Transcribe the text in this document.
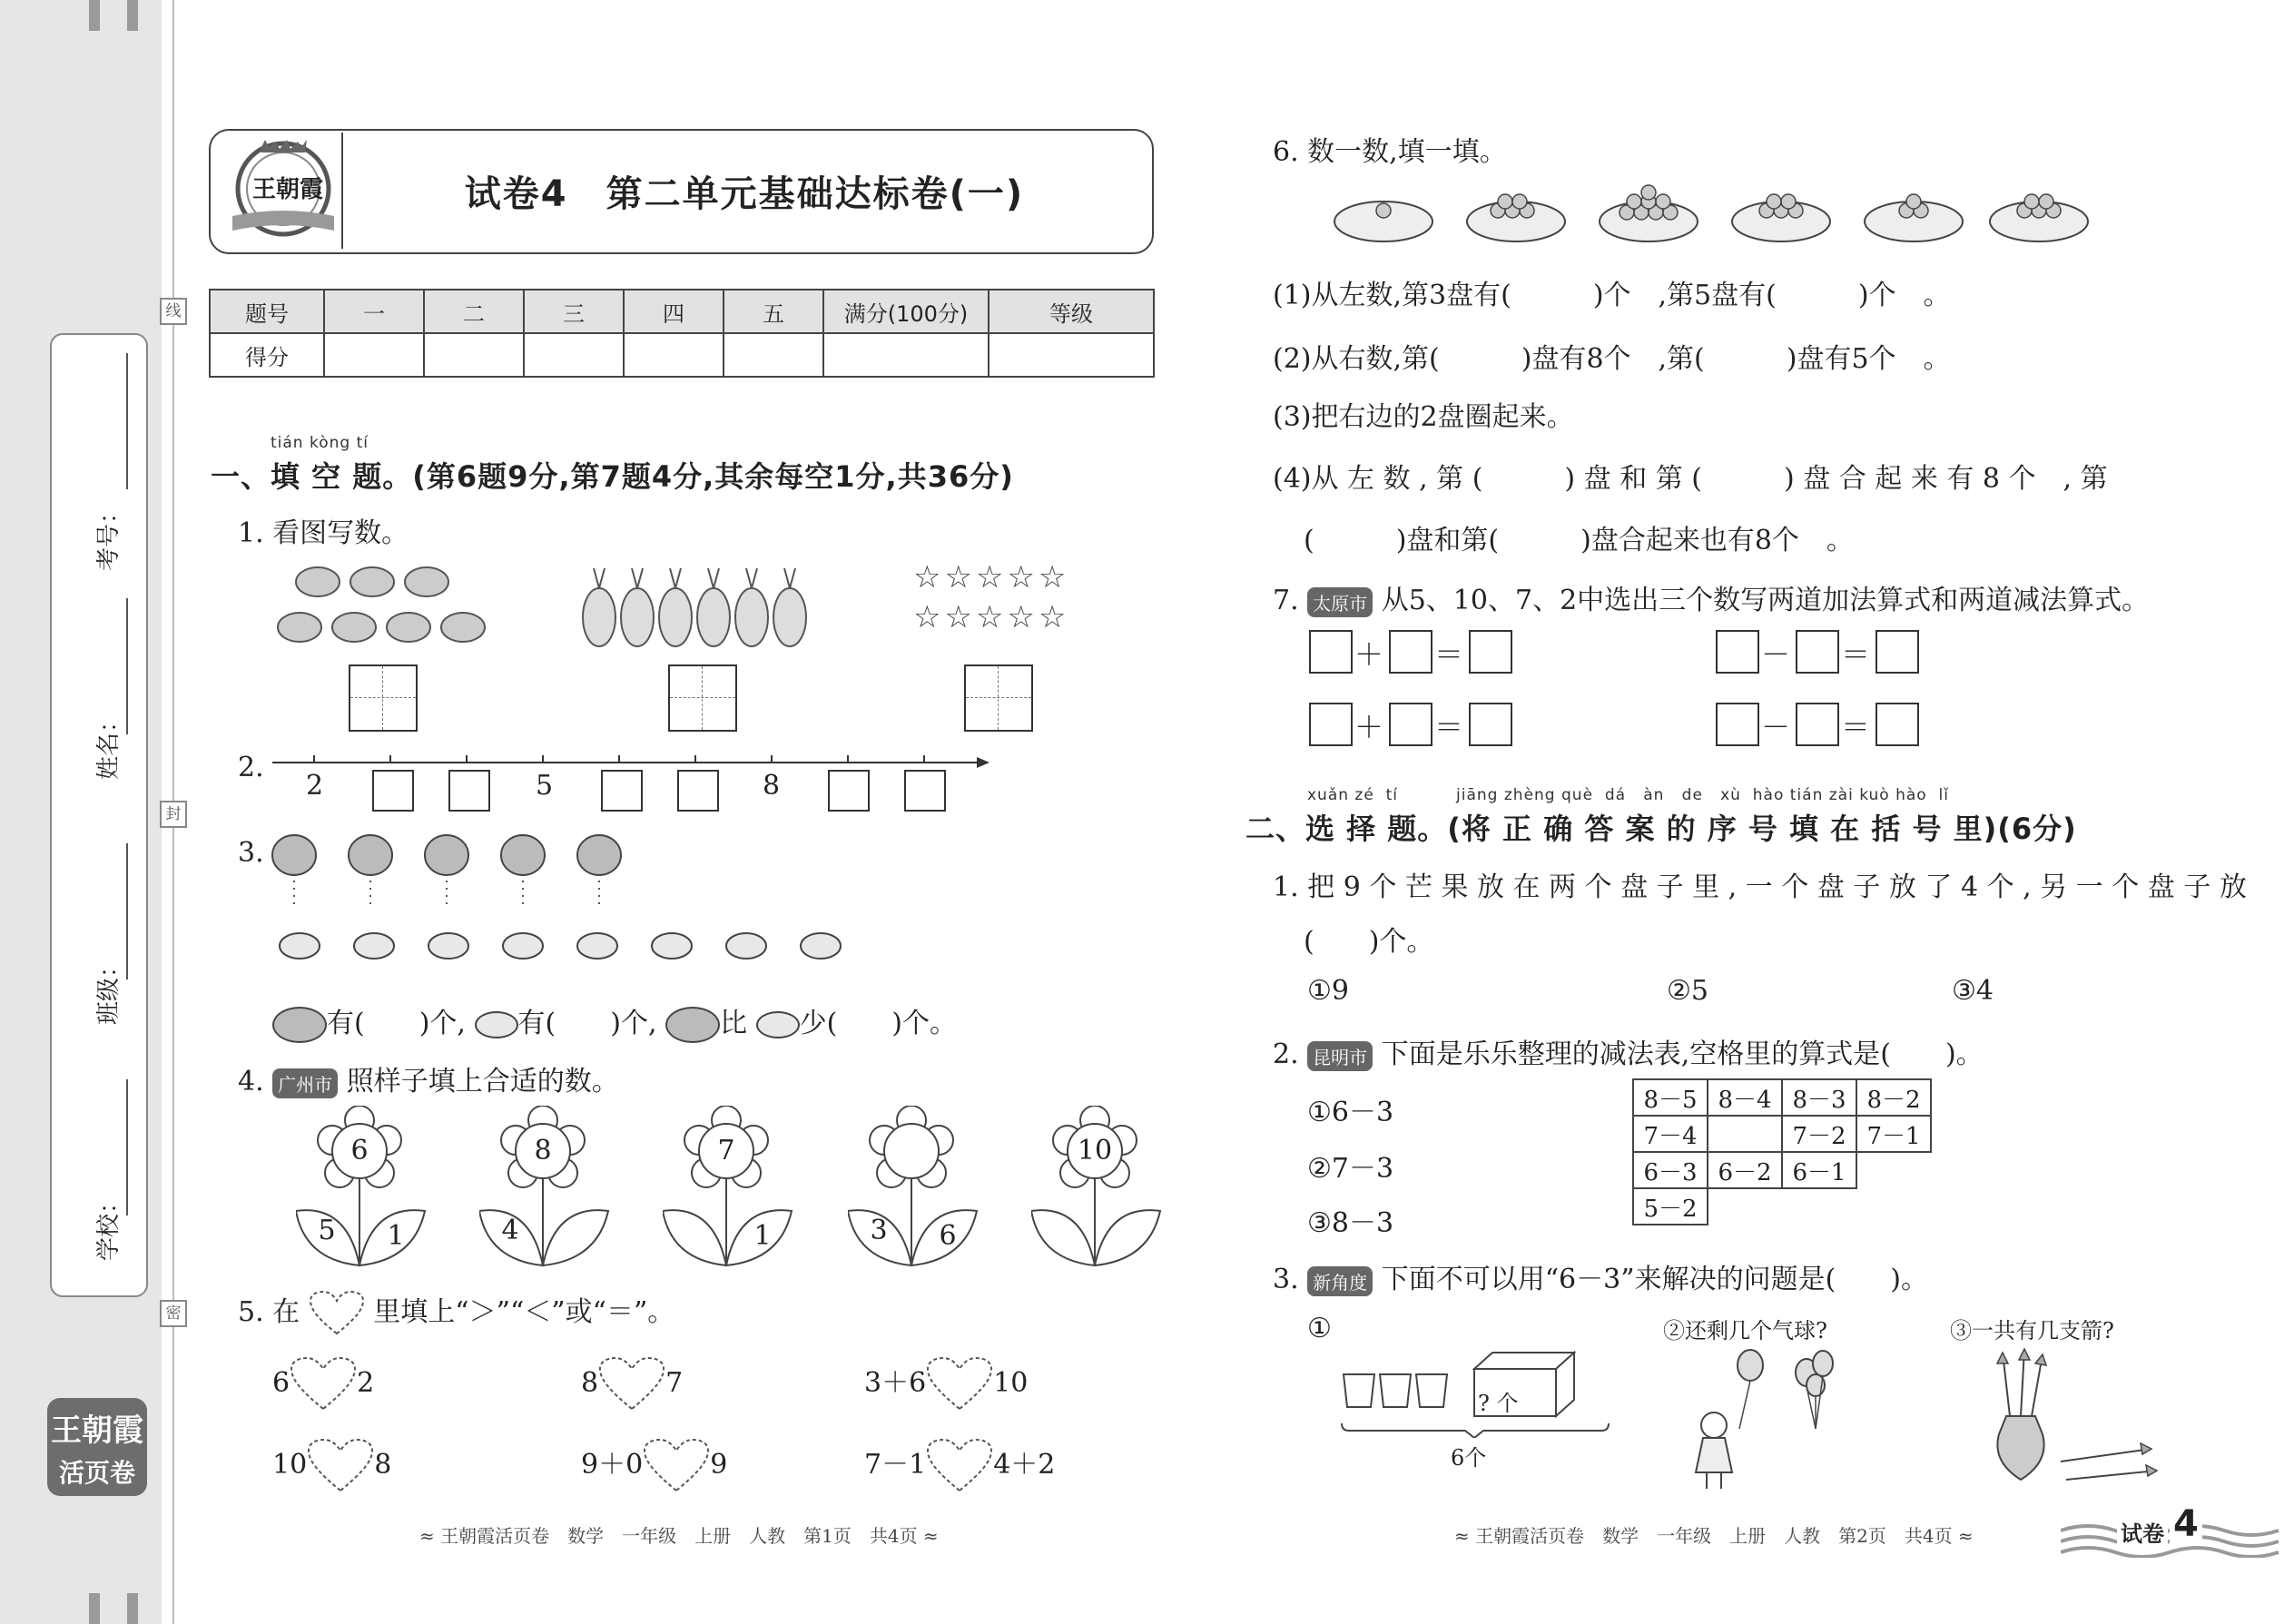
线
封
密
考号：
姓名：
班级：
学校：
王朝霞
活页卷
王朝霞	试卷4　第二单元基础达标卷(一)
题号	一	二	三	四	五	满分(100分)	等级
得分							
tián kòng tí
一、填 空 题。(第6题9分,第7题4分,其余每空1分,共36分)
1. 看图写数。
☆☆☆☆☆
☆☆☆☆☆
2.
2	5	8
3.
有(　　)个, 有(　　)个, 比 少(　　)个。
4. 广州市 照样子填上合适的数。
6
5	1
8
4
7
1	3	6
10
5. 在	里填上“＞”“＜”或“＝”。
6 2	8 7	3＋6 10
10 8	9＋0 9	7－1 4＋2
≈ 王朝霞活页卷　数学　一年级　上册　人教　第1页　共4页 ≈
6. 数一数,填一填。
(1)从左数,第3盘有(　　　)个　,第5盘有(　　　)个　。
(2)从右数,第(　　　)盘有8个　,第(　　　)盘有5个　。
(3)把右边的2盘圈起来。
(4)从 左 数 , 第 (　　　) 盘 和 第 (　　　) 盘 合 起 来 有 8 个　, 第
(　　　)盘和第(　　　)盘合起来也有8个　。
7. 太原市 从5、10、7、2中选出三个数写两道加法算式和两道减法算式。
＋ ＝
＋ ＝
－ ＝
－ ＝
xuǎn zé  tí          jiāng zhèng què  dá   àn   de   xù  hào tián zài kuò hào  lǐ
二、选 择 题。(将 正 确 答 案 的 序 号 填 在 括 号 里)(6分)
1. 把 9 个 芒 果 放 在 两 个 盘 子 里 , 一 个 盘 子 放 了 4 个 , 另 一 个 盘 子 放
(　　)个。
①9	②5	③4
2. 昆明市 下面是乐乐整理的减法表,空格里的算式是(　　)。
①6－3
②7－3
③8－3
8－5	8－4	8－3	8－2
7－4		7－2	7－1
6－3	6－2	6－1	
5－2			
3. 新角度 下面不可以用“6－3”来解决的问题是(　　)。
①	②还剩几个气球?	③一共有几支箭?
? 个
6个
≈ 王朝霞活页卷　数学　一年级　上册　人教　第2页　共4页 ≈	试卷 4
